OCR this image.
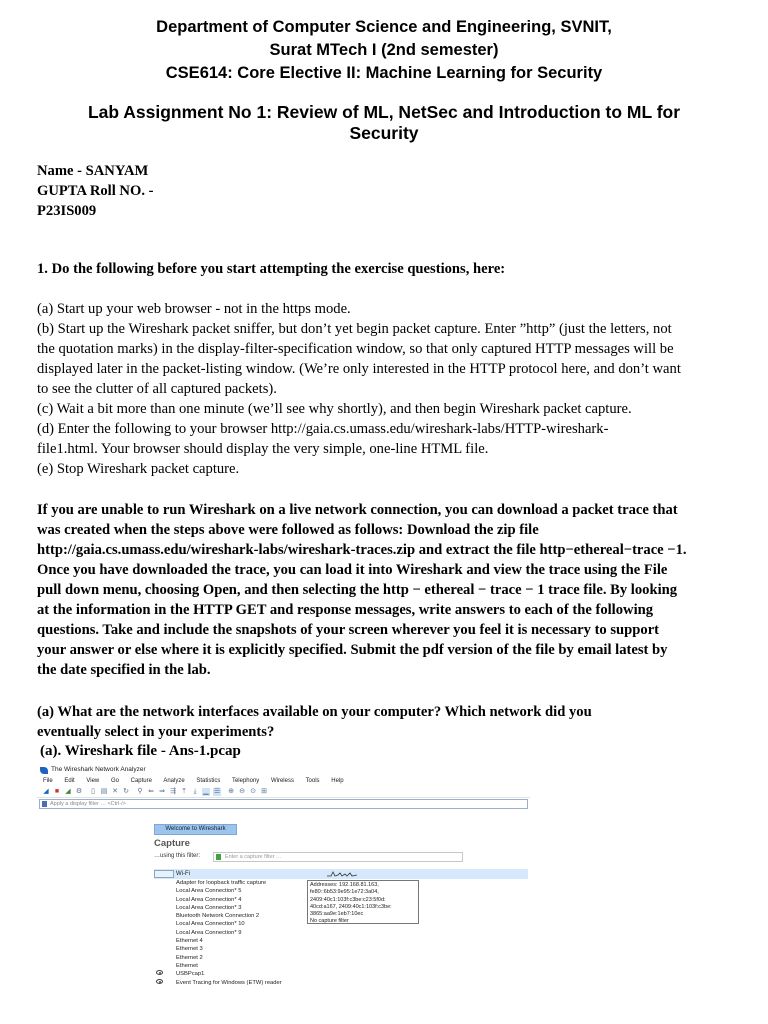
Department of Computer Science and Engineering, SVNIT,
Surat MTech I (2nd semester)
CSE614: Core Elective II: Machine Learning for Security
Lab Assignment No 1: Review of ML, NetSec and Introduction to ML for
Security
Name - SANYAM
GUPTA Roll NO. -
P23IS009
1. Do the following before you start attempting the exercise questions, here:
(a) Start up your web browser - not in the https mode.
(b) Start up the Wireshark packet sniffer, but don’t yet begin packet capture. Enter ”http” (just the letters, not
the quotation marks) in the display-filter-specification window, so that only captured HTTP messages will be
displayed later in the packet-listing window. (We’re only interested in the HTTP protocol here, and don’t want
to see the clutter of all captured packets).
(c) Wait a bit more than one minute (we’ll see why shortly), and then begin Wireshark packet capture.
(d) Enter the following to your browser http://gaia.cs.umass.edu/wireshark-labs/HTTP-wireshark-
file1.html. Your browser should display the very simple, one-line HTML file.
(e) Stop Wireshark packet capture.
If you are unable to run Wireshark on a live network connection, you can download a packet trace that
was created when the steps above were followed as follows: Download the zip file
http://gaia.cs.umass.edu/wireshark-labs/wireshark-traces.zip and extract the file http−ethereal−trace −1.
Once you have downloaded the trace, you can load it into Wireshark and view the trace using the File
pull down menu, choosing Open, and then selecting the http − ethereal − trace − 1 trace file. By looking
at the information in the HTTP GET and response messages, write answers to each of the following
questions. Take and include the snapshots of your screen wherever you feel it is necessary to support
your answer or else where it is explicitly specified. Submit the pdf version of the file by email latest by
the date specified in the lab.
(a) What are the network interfaces available on your computer? Which network did you
eventually select in your experiments?
(a). Wireshark file - Ans-1.pcap
The Wireshark Network Analyzer
File Edit View Go Capture Analyze Statistics Telephony Wireless Tools Help
◢ ■ ◢ ⚙ ▯ ▤ ✕ ↻ ⚲ ⇐ ⇒ ⇶ ⤒	⤓ ▁ ☰ ⊕ ⊖ ⊙ ⊞
Apply a display filter … <Ctrl-/>
Welcome to Wireshark
Capture
…using this filter:	Enter a capture filter …
Wi-Fi
Adapter for loopback traffic capture
Local Area Connection* 5
Local Area Connection* 4
Local Area Connection* 3
Bluetooth Network Connection 2
Local Area Connection* 10
Local Area Connection* 9
Ethernet 4
Ethernet 3
Ethernet 2
Ethernet
USBPcap1
Event Tracing for Windows (ETW) reader
Addresses: 192.168.81.163,
fe80::6b53:9e95:1e72:3a04,
2409:40c1:103f:c3be:c23:5f0d:
40cd:a167, 2409:40c1:103f:c3be:
3865:aa9e:1eb7:10ec
No capture filter
